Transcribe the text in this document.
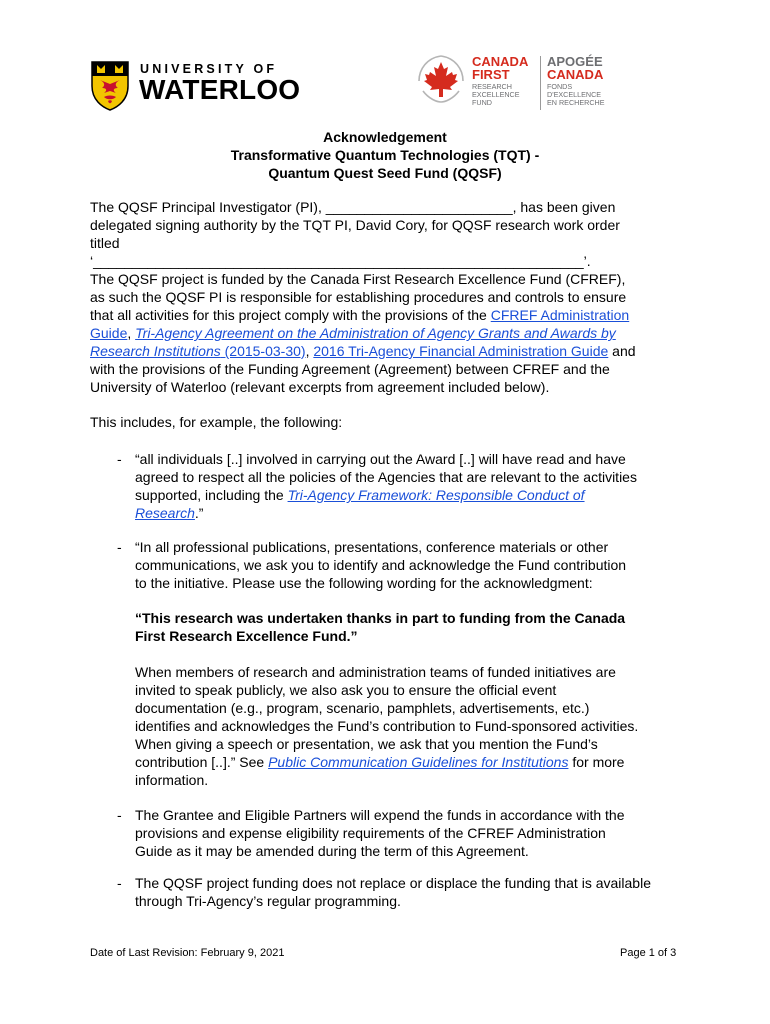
UNIVERSITY OF
WATERLOO
CANADA
FIRST
RESEARCH
EXCELLENCE
FUND
APOGÉE
CANADA
FONDS
D'EXCELLENCE
EN RECHERCHE
Acknowledgement
Transformative Quantum Technologies (TQT) -
Quantum Quest Seed Fund (QQSF)

The QQSF Principal Investigator (PI), ________________________, has been given

delegated signing authority by the TQT PI, David Cory, for QQSF research work order

titled

‘_______________________________________________________________’.

The QQSF project is funded by the Canada First Research Excellence Fund (CFREF),

as such the QQSF PI is responsible for establishing procedures and controls to ensure

that all activities for this project comply with the provisions of the CFREF Administration

Guide, Tri-Agency Agreement on the Administration of Agency Grants and Awards by

Research Institutions (2015-03-30), 2016 Tri-Agency Financial Administration Guide and

with the provisions of the Funding Agreement (Agreement) between CFREF and the

University of Waterloo (relevant excerpts from agreement included below).

This includes, for example, the following:
- “all individuals [..] involved in carrying out the Award [..] will have read and have

agreed to respect all the policies of the Agencies that are relevant to the activities

supported, including the Tri-Agency Framework: Responsible Conduct of

Research.”

- “In all professional publications, presentations, conference materials or other

communications, we ask you to identify and acknowledge the Fund contribution

to the initiative. Please use the following wording for the acknowledgment:

“This research was undertaken thanks in part to funding from the Canada
First Research Excellence Fund.”

When members of research and administration teams of funded initiatives are

invited to speak publicly, we also ask you to ensure the official event

documentation (e.g., program, scenario, pamphlets, advertisements, etc.)

identifies and acknowledges the Fund’s contribution to Fund-sponsored activities.

When giving a speech or presentation, we ask that you mention the Fund’s

contribution [..].” See Public Communication Guidelines for Institutions for more

information.

- The Grantee and Eligible Partners will expend the funds in accordance with the

provisions and expense eligibility requirements of the CFREF Administration

Guide as it may be amended during the term of this Agreement.

- The QQSF project funding does not replace or displace the funding that is available

through Tri-Agency’s regular programming.

Date of Last Revision: February 9, 2021	Page 1 of 3
